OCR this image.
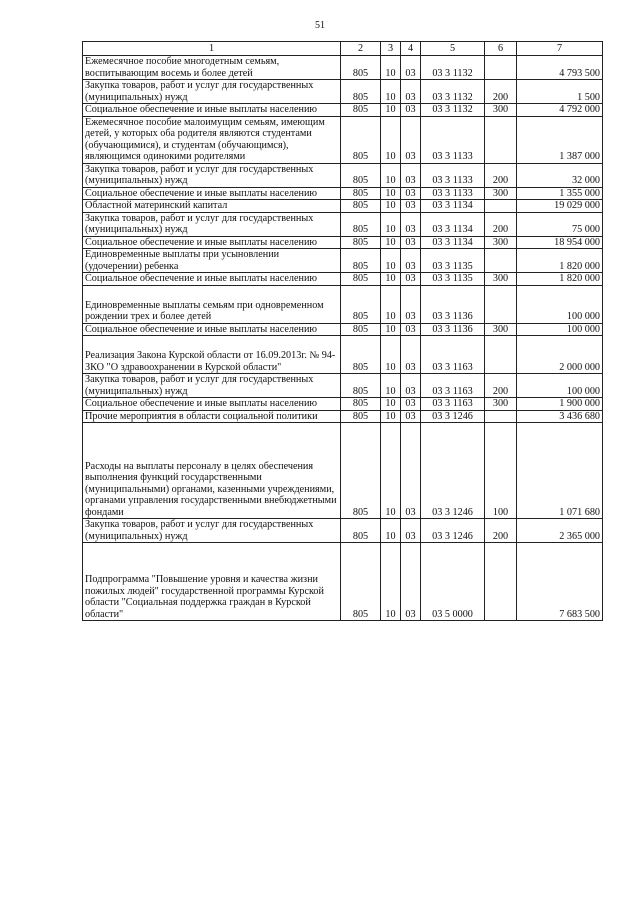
51
1	2	3	4	5	6	7
Ежемесячное пособие многодетным семьям, воспитывающим восемь и более детей	805	10	03	03 3 1132		4 793 500
Закупка товаров, работ и услуг для государственных (муниципальных) нужд	805	10	03	03 3 1132	200	1 500
Социальное обеспечение и иные выплаты населению	805	10	03	03 3 1132	300	4 792 000
Ежемесячное пособие малоимущим семьям, имеющим детей, у которых оба родителя являются студентами (обучающимися), и студентам (обучающимся), являющимся одинокими родителями	805	10	03	03 3 1133		1 387 000
Закупка товаров, работ и услуг для государственных (муниципальных) нужд	805	10	03	03 3 1133	200	32 000
Социальное обеспечение и иные выплаты населению	805	10	03	03 3 1133	300	1 355 000
Областной материнский капитал	805	10	03	03 3 1134		19 029 000
Закупка товаров, работ и услуг для государственных (муниципальных) нужд	805	10	03	03 3 1134	200	75 000
Социальное обеспечение и иные выплаты населению	805	10	03	03 3 1134	300	18 954 000
Единовременные выплаты при усыновлении (удочерении) ребенка	805	10	03	03 3 1135		1 820 000
Социальное обеспечение и иные выплаты населению	805	10	03	03 3 1135	300	1 820 000
Единовременные выплаты семьям при одновременном рождении трех и более детей	805	10	03	03 3 1136		100 000
Социальное обеспечение и иные выплаты населению	805	10	03	03 3 1136	300	100 000
Реализация Закона Курской области от 16.09.2013г. № 94-ЗКО "О здравоохранении в Курской области"	805	10	03	03 3 1163		2 000 000
Закупка товаров, работ и услуг для государственных (муниципальных) нужд	805	10	03	03 3 1163	200	100 000
Социальное обеспечение и иные выплаты населению	805	10	03	03 3 1163	300	1 900 000
Прочие мероприятия в области социальной политики	805	10	03	03 3 1246		3 436 680
Расходы на выплаты персоналу в целях обеспечения выполнения функций государственными (муниципальными) органами, казенными учреждениями, органами управления государственными внебюджетными фондами	805	10	03	03 3 1246	100	1 071 680
Закупка товаров, работ и услуг для государственных (муниципальных) нужд	805	10	03	03 3 1246	200	2 365 000
Подпрограмма "Повышение уровня и качества жизни пожилых людей" государственной программы Курской области "Социальная поддержка граждан в Курской области"	805	10	03	03 5 0000		7 683 500
